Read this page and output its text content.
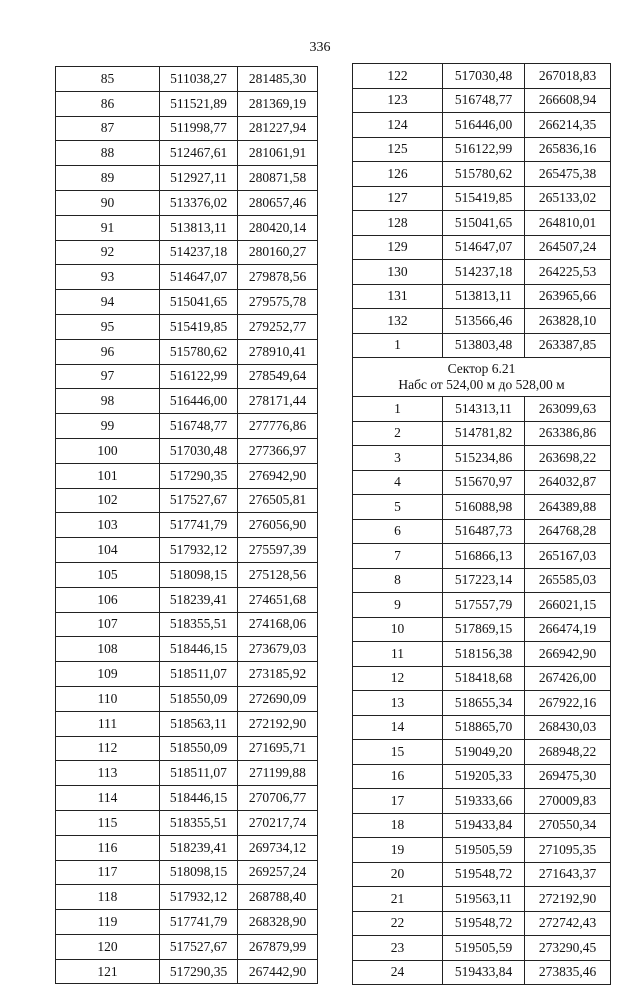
336
85	511038,27	281485,30
86	511521,89	281369,19
87	511998,77	281227,94
88	512467,61	281061,91
89	512927,11	280871,58
90	513376,02	280657,46
91	513813,11	280420,14
92	514237,18	280160,27
93	514647,07	279878,56
94	515041,65	279575,78
95	515419,85	279252,77
96	515780,62	278910,41
97	516122,99	278549,64
98	516446,00	278171,44
99	516748,77	277776,86
100	517030,48	277366,97
101	517290,35	276942,90
102	517527,67	276505,81
103	517741,79	276056,90
104	517932,12	275597,39
105	518098,15	275128,56
106	518239,41	274651,68
107	518355,51	274168,06
108	518446,15	273679,03
109	518511,07	273185,92
110	518550,09	272690,09
111	518563,11	272192,90
112	518550,09	271695,71
113	518511,07	271199,88
114	518446,15	270706,77
115	518355,51	270217,74
116	518239,41	269734,12
117	518098,15	269257,24
118	517932,12	268788,40
119	517741,79	268328,90
120	517527,67	267879,99
121	517290,35	267442,90
122	517030,48	267018,83
123	516748,77	266608,94
124	516446,00	266214,35
125	516122,99	265836,16
126	515780,62	265475,38
127	515419,85	265133,02
128	515041,65	264810,01
129	514647,07	264507,24
130	514237,18	264225,53
131	513813,11	263965,66
132	513566,46	263828,10
1	513803,48	263387,85

Сектор 6.21
Набс от 524,00 м до 528,00 м		

1	514313,11	263099,63
2	514781,82	263386,86
3	515234,86	263698,22
4	515670,97	264032,87
5	516088,98	264389,88
6	516487,73	264768,28
7	516866,13	265167,03
8	517223,14	265585,03
9	517557,79	266021,15
10	517869,15	266474,19
11	518156,38	266942,90
12	518418,68	267426,00
13	518655,34	267922,16
14	518865,70	268430,03
15	519049,20	268948,22
16	519205,33	269475,30
17	519333,66	270009,83
18	519433,84	270550,34
19	519505,59	271095,35
20	519548,72	271643,37
21	519563,11	272192,90
22	519548,72	272742,43
23	519505,59	273290,45
24	519433,84	273835,46
